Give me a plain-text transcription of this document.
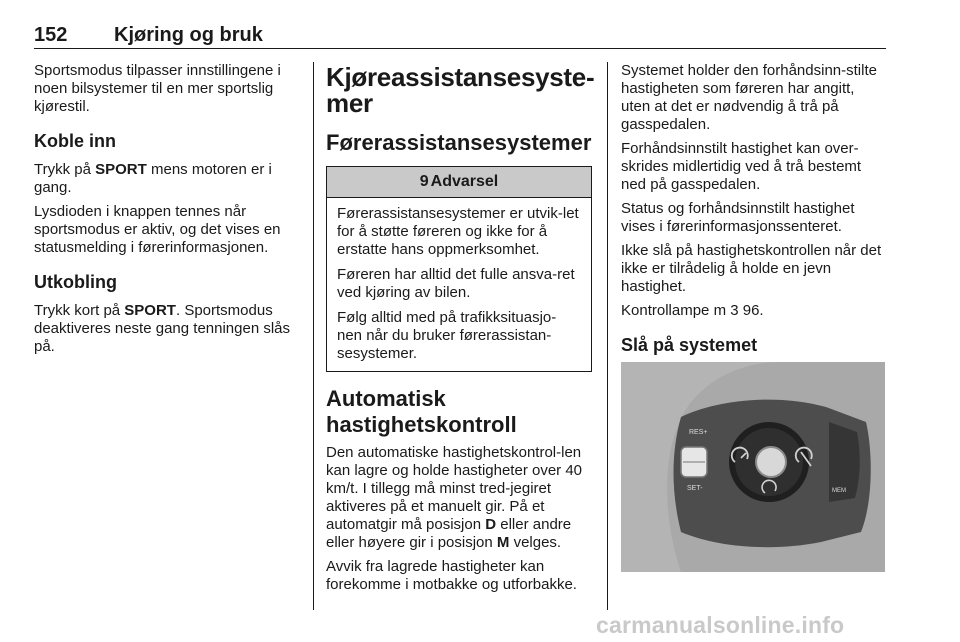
152 Kjøring og bruk

Sportsmodus tilpasser innstillingene i noen bilsystemer til en mer sportslig kjørestil.

Koble inn

Trykk på SPORT mens motoren er i gang.

Lysdioden i knappen tennes når sportsmodus er aktiv, og det vises en statusmelding i førerinformasjonen.

Utkobling

Trykk kort på SPORT. Sportsmodus deaktiveres neste gang tenningen slås på.

Kjøreassistansesyste-mer
Førerassistansesystemer
9 Advarsel

Førerassistansesystemer er utvik-let for å støtte føreren og ikke for å erstatte hans oppmerksomhet.

Føreren har alltid det fulle ansva-ret ved kjøring av bilen.

Følg alltid med på trafikksituasjo-nen når du bruker førerassistan-sesystemer.

Automatisk hastighetskontroll

Den automatiske hastighetskontrol-len kan lagre og holde hastigheter over 40 km/t. I tillegg må minst tred-jegiret aktiveres på et manuelt gir. På et automatgir må posisjon D eller andre eller høyere gir i posisjon M velges.

Avvik fra lagrede hastigheter kan forekomme i motbakke og utforbakke.

Systemet holder den forhåndsinn-stilte hastigheten som føreren har angitt, uten at det er nødvendig å trå på gasspedalen.

Forhåndsinnstilt hastighet kan over-skrides midlertidig ved å trå bestemt ned på gasspedalen.

Status og forhåndsinnstilt hastighet vises i førerinformasjonssenteret.

Ikke slå på hastighetskontrollen når det ikke er tilrådelig å holde en jevn hastighet.

Kontrollampe m 3 96.

Slå på systemet
RES+
SET-	MEM
carmanualsonline.info
